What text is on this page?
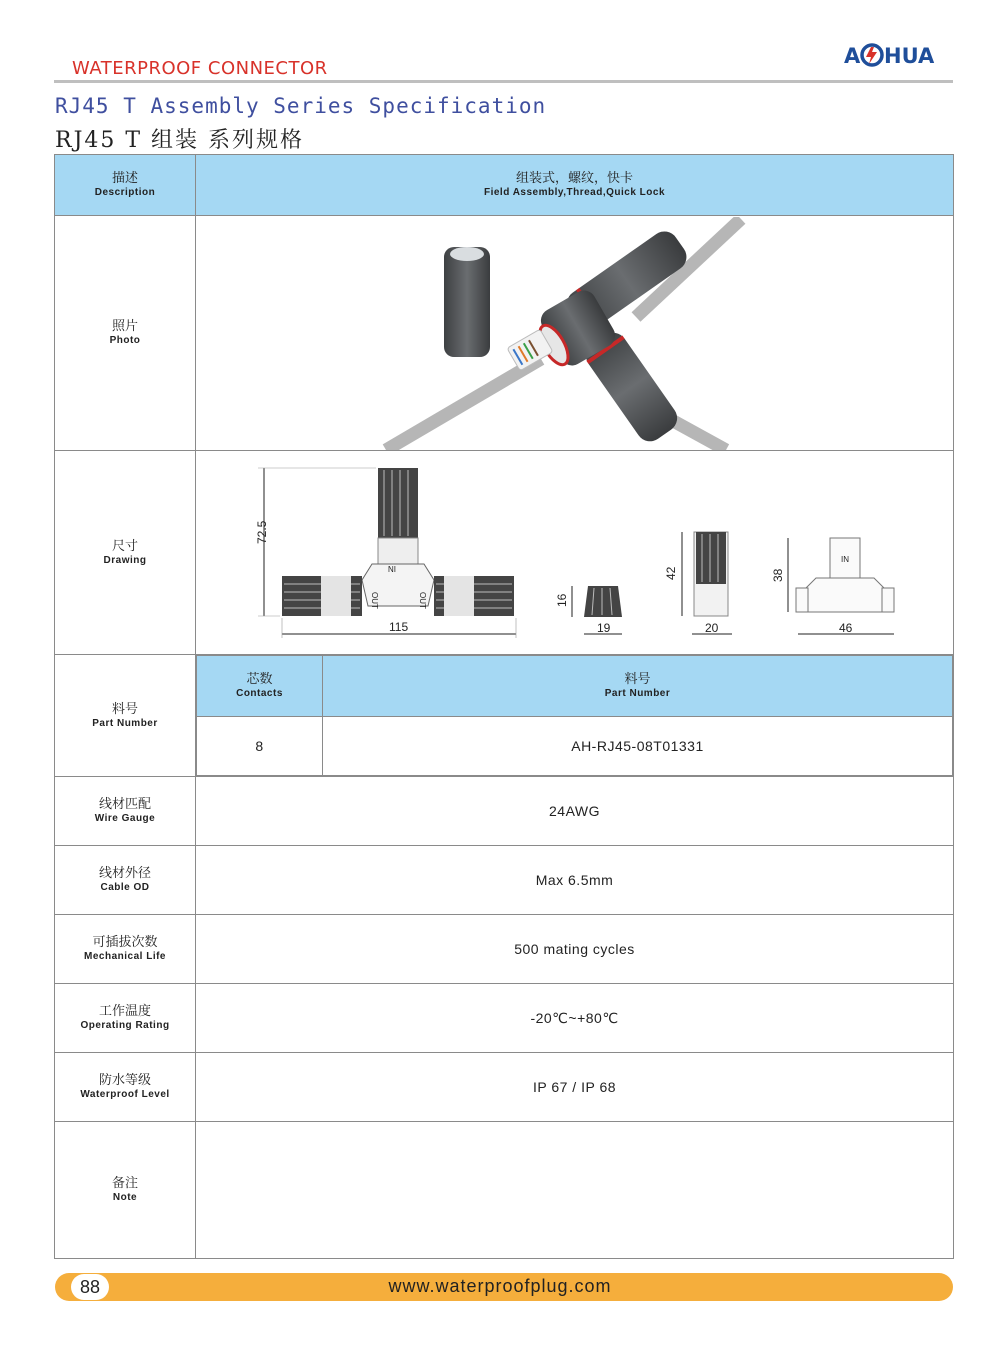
WATERPROOF CONNECTOR
A HUA
RJ45 T Assembly Series Specification
RJ45 T 组装 系列规格
描述
Description

组装式，螺纹，快卡
Field Assembly,Thread,Quick Lock

照片
Photo

尺寸
Drawing

IN
OUT	OUT
72.5
115
16
19
42
20
IN
38
46

料号
Part Number

芯数
Contacts

料号
Part Number

8	AH-RJ45-08T01331

线材匹配
Wire Gauge	24AWG

线材外径
Cable OD	Max 6.5mm

可插拔次数
Mechanical Life	500 mating cycles

工作温度
Operating Rating	-20℃~+80℃

防水等级
Waterproof Level	IP 67 / IP 68

备注
Note

88	www.waterproofplug.com
